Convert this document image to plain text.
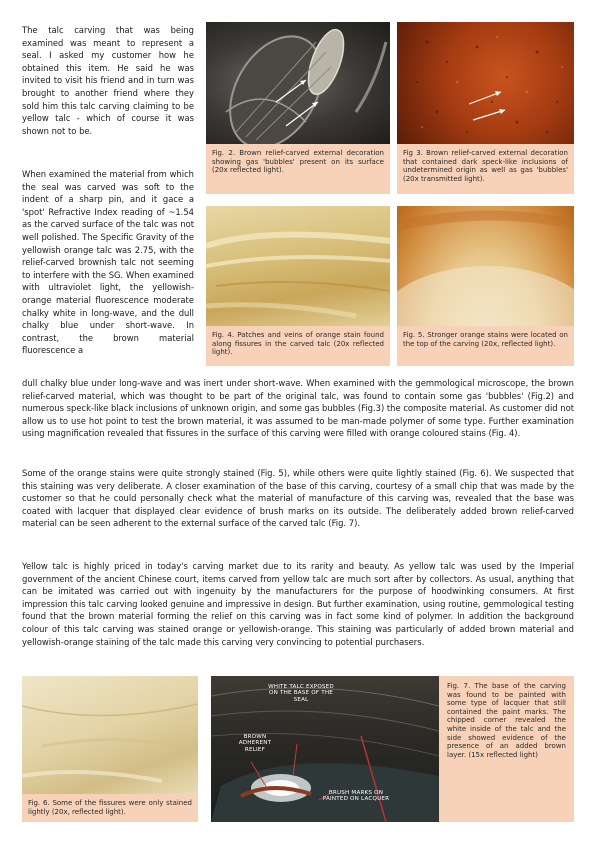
The talc carving that was being examined was meant to represent a seal. I asked my customer how he obtained this item. He said he was invited to visit his friend and in turn was brought to another friend where they sold him this talc carving claiming to be yellow talc - which of course it was shown not to be.

When examined the material from which the seal was carved was soft to the indent of a sharp pin, and it gace a 'spot' Refractive Index reading of ~1.54 as the carved surface of the talc was not well polished. The Specific Gravity of the yellowish orange talc was 2.75, with the relief-carved brownish talc not seeming to interfere with the SG. When examined with ultraviolet light, the yellowish-orange material fluorescence moderate chalky white in long-wave, and the dull chalky blue under short-wave. In contrast, the brown material fluorescence a

Fig. 2. Brown relief-carved external decoration showing gas 'bubbles' present on its surface (20x reflected light).
Fig 3. Brown relief-carved external decoration that contained dark speck-like inclusions of undetermined origin as well as gas 'bubbles' (20x transmitted light).
Fig. 4. Patches and veins of orange stain found along fissures in the carved talc (20x reflected light).
Fig. 5. Stronger orange stains were located on the top of the carving (20x, reflected light).

dull chalky blue under long-wave and was inert under short-wave. When examined with the gemmological microscope, the brown relief-carved material, which was thought to be part of the original talc, was found to contain some gas 'bubbles' (Fig.2) and numerous speck-like black inclusions of unknown origin, and some gas bubbles (Fig.3) the composite material. As customer did not allow us to use hot point to test the brown material, it was assumed to be man-made polymer of some type. Further examination using magnification revealed that fissures in the surface of this carving were filled with orange coloured stains (Fig. 4).

Some of the orange stains were quite strongly stained (Fig. 5), while others were quite lightly stained (Fig. 6). We suspected that this staining was very deliberate. A closer examination of the base of this carving, courtesy of a small chip that was made by the customer so that he could personally check what the material of manufacture of this carving was, revealed that the base was coated with lacquer that displayed clear evidence of brush marks on its outside. The deliberately added brown relief-carved material can be seen adherent to the external surface of the carved talc (Fig. 7).

Yellow talc is highly priced in today's carving market due to its rarity and beauty. As yellow talc was used by the Imperial government of the ancient Chinese court, items carved from yellow talc are much sort after by collectors. As usual, anything that can be imitated was carried out with ingenuity by the manufacturers for the purpose of hoodwinking consumers. At first impression this talc carving looked genuine and impressive in design. But further examination, using routine, gemmological testing found that the brown material forming the relief on this carving was in fact some kind of polymer. In addition the background colour of this talc carving was stained orange or yellowish-orange. This staining was particularly of added brown material and yellowish-orange staining of the talc made this carving very convincing to potential purchasers.

Fig. 6. Some of the fissures were only stained lightly (20x, reflected light).
WHITE TALC EXPOSED ON THE BASE OF THE SEAL
BROWN ADHERENT RELIEF
BRUSH MARKS ON PAINTED ON LACQUER
Fig. 7. The base of the carving was found to be painted with some type of lacquer that still contained the paint marks. The chipped corner revealed the white inside of the talc and the side showed evidence of the presence of an added brown layer. (15x reflected light)
